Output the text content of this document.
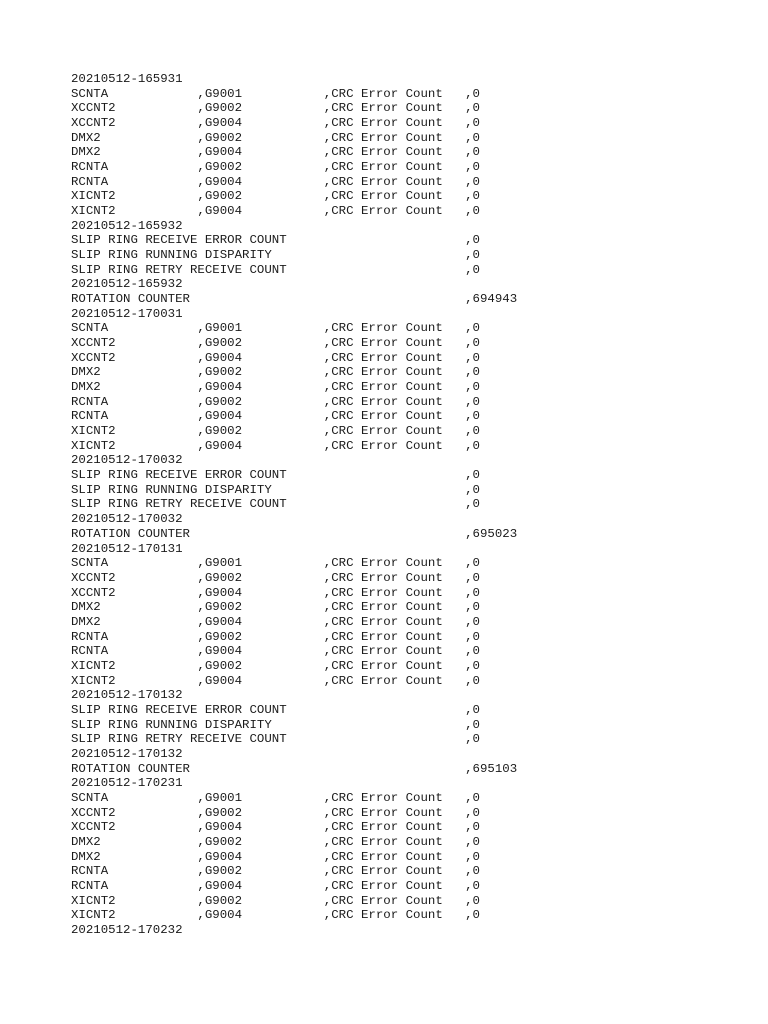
20210512-165931
SCNTA            ,G9001           ,CRC Error Count   ,0
XCCNT2           ,G9002           ,CRC Error Count   ,0
XCCNT2           ,G9004           ,CRC Error Count   ,0
DMX2             ,G9002           ,CRC Error Count   ,0
DMX2             ,G9004           ,CRC Error Count   ,0
RCNTA            ,G9002           ,CRC Error Count   ,0
RCNTA            ,G9004           ,CRC Error Count   ,0
XICNT2           ,G9002           ,CRC Error Count   ,0
XICNT2           ,G9004           ,CRC Error Count   ,0
20210512-165932
SLIP RING RECEIVE ERROR COUNT                        ,0
SLIP RING RUNNING DISPARITY                          ,0
SLIP RING RETRY RECEIVE COUNT                        ,0
20210512-165932
ROTATION COUNTER                                     ,694943
20210512-170031
SCNTA            ,G9001           ,CRC Error Count   ,0
XCCNT2           ,G9002           ,CRC Error Count   ,0
XCCNT2           ,G9004           ,CRC Error Count   ,0
DMX2             ,G9002           ,CRC Error Count   ,0
DMX2             ,G9004           ,CRC Error Count   ,0
RCNTA            ,G9002           ,CRC Error Count   ,0
RCNTA            ,G9004           ,CRC Error Count   ,0
XICNT2           ,G9002           ,CRC Error Count   ,0
XICNT2           ,G9004           ,CRC Error Count   ,0
20210512-170032
SLIP RING RECEIVE ERROR COUNT                        ,0
SLIP RING RUNNING DISPARITY                          ,0
SLIP RING RETRY RECEIVE COUNT                        ,0
20210512-170032
ROTATION COUNTER                                     ,695023
20210512-170131
SCNTA            ,G9001           ,CRC Error Count   ,0
XCCNT2           ,G9002           ,CRC Error Count   ,0
XCCNT2           ,G9004           ,CRC Error Count   ,0
DMX2             ,G9002           ,CRC Error Count   ,0
DMX2             ,G9004           ,CRC Error Count   ,0
RCNTA            ,G9002           ,CRC Error Count   ,0
RCNTA            ,G9004           ,CRC Error Count   ,0
XICNT2           ,G9002           ,CRC Error Count   ,0
XICNT2           ,G9004           ,CRC Error Count   ,0
20210512-170132
SLIP RING RECEIVE ERROR COUNT                        ,0
SLIP RING RUNNING DISPARITY                          ,0
SLIP RING RETRY RECEIVE COUNT                        ,0
20210512-170132
ROTATION COUNTER                                     ,695103
20210512-170231
SCNTA            ,G9001           ,CRC Error Count   ,0
XCCNT2           ,G9002           ,CRC Error Count   ,0
XCCNT2           ,G9004           ,CRC Error Count   ,0
DMX2             ,G9002           ,CRC Error Count   ,0
DMX2             ,G9004           ,CRC Error Count   ,0
RCNTA            ,G9002           ,CRC Error Count   ,0
RCNTA            ,G9004           ,CRC Error Count   ,0
XICNT2           ,G9002           ,CRC Error Count   ,0
XICNT2           ,G9004           ,CRC Error Count   ,0
20210512-170232
